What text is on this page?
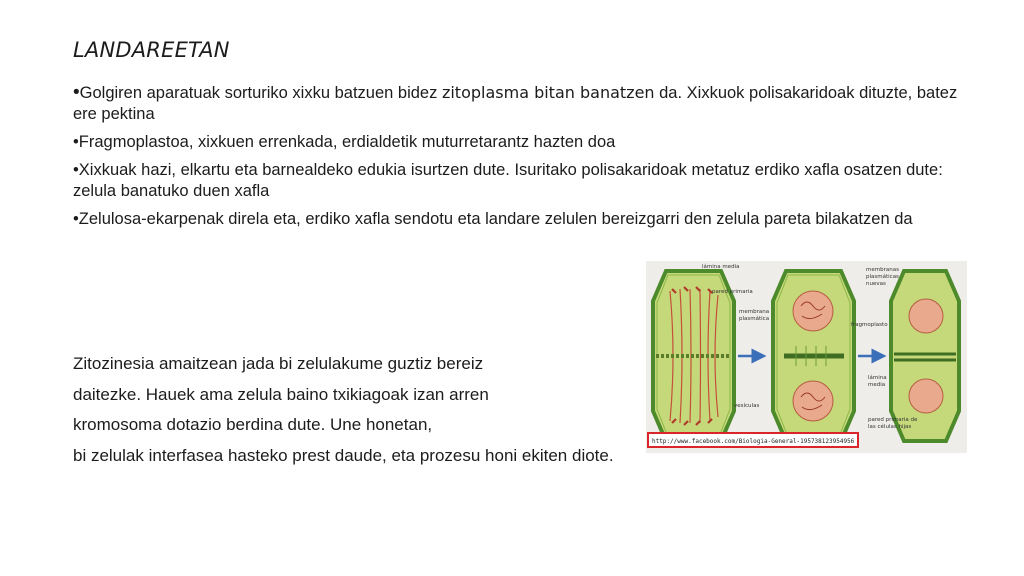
LANDAREETAN
•Golgiren aparatuak sorturiko xixku batzuen bidez zitoplasma bitan banatzen da. Xixkuok polisakaridoak dituzte, batez ere pektina
•Fragmoplastoa, xixkuen errenkada, erdialdetik muturretarantz hazten doa
•Xixkuak hazi, elkartu eta barnealdeko edukia isurtzen dute. Isuritako polisakaridoak metatuz erdiko xafla osatzen dute: zelula banatuko duen xafla
•Zelulosa-ekarpenak direla eta, erdiko xafla sendotu eta landare zelulen bereizgarri den zelula pareta bilakatzen da
Zitozinesia amaitzean jada bi zelulakume guztiz bereiz
daitezke. Hauek ama zelula baino txikiagoak izan arren
kromosoma dotazio berdina dute. Une honetan,
bi zelulak interfasea hasteko prest daude, eta prozesu honi ekiten diote.
lámina media
pared primaria
membrana
plasmática
vesículas
membranas
plasmáticas
nuevas
fragmoplasto
lámina
media
pared primaria de
las células hijas
http://www.facebook.com/Biologia-General-195738123954956
